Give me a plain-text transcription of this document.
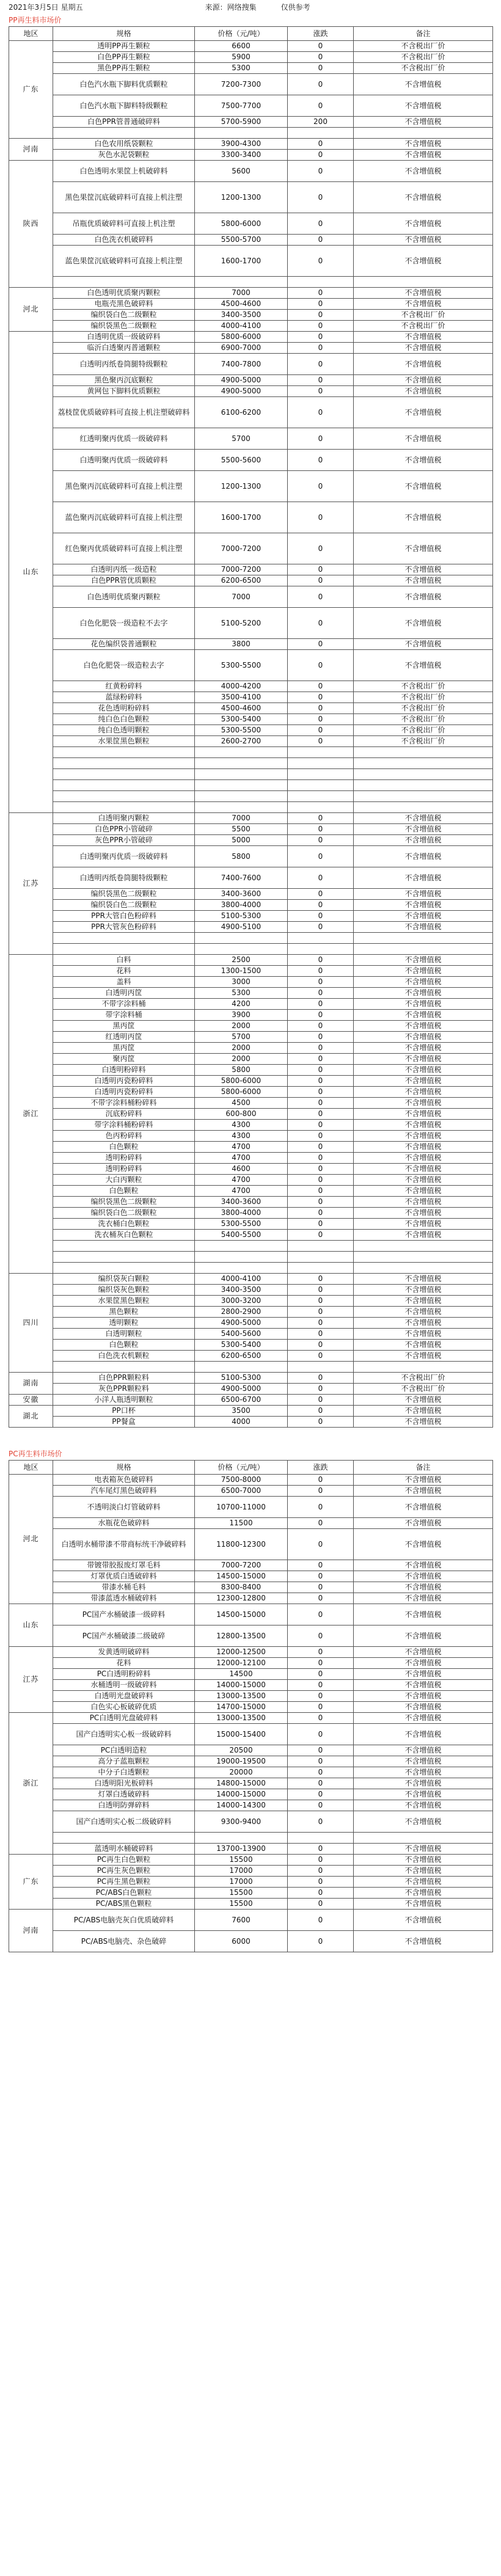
2021年3月5日 星期五	来源：网络搜集	仅供参考
PP再生料市场价
地区	规格	价格（元/吨）	涨跌	备注
广东	透明PP再生颗粒	6600	0	不含税出厂价
	白色PP再生颗粒	5900	0	不含税出厂价
	黑色PP再生颗粒	5300	0	不含税出厂价
	白色汽水瓶下脚料优质颗粒	7200-7300	0	不含增值税
	白色汽水瓶下脚料特级颗粒	7500-7700	0	不含增值税
	白色PPR管普通破碎料	5700-5900	200	不含增值税

河南	白色农用纸袋颗粒	3900-4300	0	不含增值税
	灰色水泥袋颗粒	3300-3400	0	不含增值税
陕西	白色透明水果筐上机破碎料	5600	0	不含增值税
	黑色果筐沉底破碎料可直接上机注塑	1200-1300	0	不含增值税
	吊瓶优质破碎料可直接上机注塑	5800-6000	0	不含增值税
	白色洗衣机破碎料	5500-5700	0	不含增值税
	蓝色果筐沉底破碎料可直接上机注塑	1600-1700	0	不含增值税

河北	白色透明优质聚丙颗粒	7000	0	不含增值税
	电瓶壳黑色破碎料	4500-4600	0	不含增值税
	编织袋白色二级颗粒	3400-3500	0	不含税出厂价
	编织袋黑色二级颗粒	4000-4100	0	不含税出厂价
山东	白透明优质一级破碎料	5800-6000	0	不含增值税
	临沂白透聚丙普通颗粒	6900-7000	0	不含增值税
	白透明丙纸卷筒腿特级颗粒	7400-7800	0	不含增值税
	黑色聚丙沉底颗粒	4900-5000	0	不含增值税
	黄网包下脚料优质颗粒	4900-5000	0	不含增值税
	荔枝筐优质破碎料可直接上机注塑破碎料	6100-6200	0	不含增值税
	红透明聚丙优质一级破碎料	5700	0	不含增值税
	白透明聚丙优质一级破碎料	5500-5600	0	不含增值税
	黑色聚丙沉底破碎料可直接上机注塑	1200-1300	0	不含增值税
	蓝色聚丙沉底破碎料可直接上机注塑	1600-1700	0	不含增值税
	红色聚丙优质破碎料可直接上机注塑	7000-7200	0	不含增值税
	白透明丙纸一级造粒	7000-7200	0	不含增值税
	白色PPR管优质颗粒	6200-6500	0	不含增值税
	白色透明优质聚丙颗粒	7000	0	不含增值税
	白色化肥袋一级造粒不去字	5100-5200	0	不含增值税
	花色编织袋普通颗粒	3800	0	不含增值税
	白色化肥袋一级造粒去字	5300-5500	0	不含增值税
	红黄粉碎料	4000-4200	0	不含税出厂价
	蓝绿粉碎料	3500-4100	0	不含税出厂价
	花色透明粉碎料	4500-4600	0	不含税出厂价
	纯白色白色颗粒	5300-5400	0	不含税出厂价
	纯白色透明颗粒	5300-5500	0	不含税出厂价
	水果筐黑色颗粒	2600-2700	0	不含税出厂价

江苏	白透明聚丙颗粒	7000	0	不含增值税
	白色PPR小管破碎	5500	0	不含增值税
	灰色PPR小管破碎	5000	0	不含增值税
	白透明聚丙优质一级破碎料	5800	0	不含增值税
	白透明丙纸卷筒腿特级颗粒	7400-7600	0	不含增值税
	编织袋黑色二级颗粒	3400-3600	0	不含增值税
	编织袋白色二级颗粒	3800-4000	0	不含增值税
	PPR大管白色粉碎料	5100-5300	0	不含增值税
	PPR大管灰色粉碎料	4900-5100	0	不含增值税

浙江	白料	2500	0	不含增值税
	花料	1300-1500	0	不含增值税
	盖料	3000	0	不含增值税
	白透明丙筐	5300	0	不含增值税
	不带字涂料桶	4200	0	不含增值税
	带字涂料桶	3900	0	不含增值税
	黑丙筐	2000	0	不含增值税
	红透明丙筐	5700	0	不含增值税
	黑丙筐	2000	0	不含增值税
	聚丙筐	2000	0	不含增值税
	白透明粉碎料	5800	0	不含增值税
	白透明丙瓷粉碎料	5800-6000	0	不含增值税
	白透明丙瓷粉碎料	5800-6000	0	不含增值税
	不带字涂料桶粉碎料	4500	0	不含增值税
	沉底粉碎料	600-800	0	不含增值税
	带字涂料桶粉碎料	4300	0	不含增值税
	色丙粉碎料	4300	0	不含增值税
	白色颗粒	4700	0	不含增值税
	透明粉碎料	4700	0	不含增值税
	透明粉碎料	4600	0	不含增值税
	大白丙颗粒	4700	0	不含增值税
	白色颗粒	4700	0	不含增值税
	编织袋黑色二级颗粒	3400-3600	0	不含增值税
	编织袋白色二级颗粒	3800-4000	0	不含增值税
	洗衣桶白色颗粒	5300-5500	0	不含增值税
	洗衣桶灰白色颗粒	5400-5500	0	不含增值税

四川	编织袋灰白颗粒	4000-4100	0	不含增值税
	编织袋灰色颗粒	3400-3500	0	不含增值税
	水果筐黑色颗粒	3000-3200	0	不含增值税
	黑色颗粒	2800-2900	0	不含增值税
	透明颗粒	4900-5000	0	不含增值税
	白透明颗粒	5400-5600	0	不含增值税
	白色颗粒	5300-5400	0	不含增值税
	白色洗衣机颗粒	6200-6500	0	不含增值税

湖南	白色PPR颗粒料	5100-5300	0	不含税出厂价
	灰色PPR颗粒料	4900-5000	0	不含税出厂价
安徽	小洋人瓶透明颗粒	6500-6700	0	不含增值税
湖北	PP口杯	3500	0	不含增值税
	PP餐盒	4000	0	不含增值税
PC再生料市场价
地区	规格	价格（元/吨）	涨跌	备注
河北	电表箱灰色破碎料	7500-8000	0	不含增值税
	汽车尾灯黑色破碎料	6500-7000	0	不含增值税
	不透明淡白灯管破碎料	10700-11000	0	不含增值税
	水瓶花色破碎料	11500	0	不含增值税
	白透明水桶带漆不带商标统干净破碎料	11800-12300	0	不含增值税
	带镀带胶报废灯罩毛料	7000-7200	0	不含增值税
	灯罩优质白透破碎料	14500-15000	0	不含增值税
	带漆水桶毛料	8300-8400	0	不含增值税
	带漆蓝透水桶破碎料	12300-12800	0	不含增值税
山东	PC国产水桶破漆一级碎料	14500-15000	0	不含增值税
	PC国产水桶破漆二级破碎	12800-13500	0	不含增值税
江苏	发黄透明破碎料	12000-12500	0	不含增值税
	花料	12000-12100	0	不含增值税
	PC白透明粉碎料	14500	0	不含增值税
	水桶透明一级破碎料	14000-15000	0	不含增值税
	白透明光盘破碎料	13000-13500	0	不含增值税
	白色实心板破碎优质	14700-15000	0	不含增值税
浙江	PC白透明光盘破碎料	13000-13500	0	不含增值税
	国产白透明实心板一级破碎料	15000-15400	0	不含增值税
	PC白透明造粒	20500	0	不含增值税
	高分子蓝瓶颗粒	19000-19500	0	不含增值税
	中分子白透颗粒	20000	0	不含增值税
	白透明阳光板碎料	14800-15000	0	不含增值税
	灯罩白透破碎料	14000-15000	0	不含增值税
	白透明防弹碎料	14000-14300	0	不含增值税
	国产白透明实心板二级破碎料	9300-9400	0	不含增值税

	蓝透明水桶破碎料	13700-13900	0	不含增值税
广东	PC再生白色颗粒	15500	0	不含增值税
	PC再生灰色颗粒	17000	0	不含增值税
	PC再生黑色颗粒	17000	0	不含增值税
	PC/ABS白色颗粒	15500	0	不含增值税
	PC/ABS黑色颗粒	15500	0	不含增值税
河南	PC/ABS电脑壳灰白优质破碎料	7600	0	不含增值税
	PC/ABS电脑壳、杂色破碎	6000	0	不含增值税
